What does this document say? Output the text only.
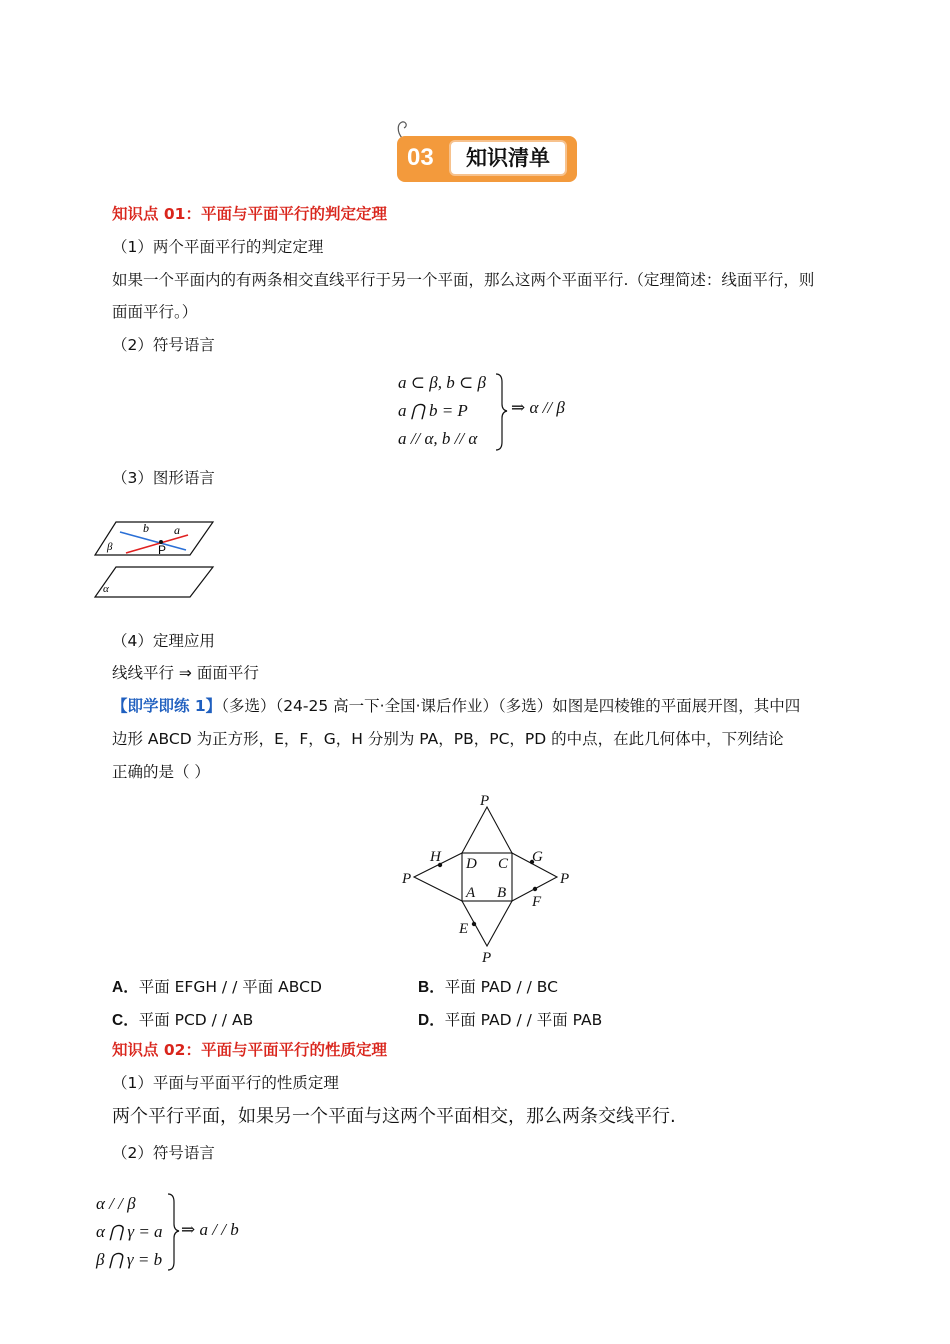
03	知识清单
知识点 01：平面与平面平行的判定定理
（1）两个平面平行的判定定理
如果一个平面内的有两条相交直线平行于另一个平面，那么这两个平面平行.（定理简述：线面平行，则
面面平行。）
（2）符号语言
a ⊂ β, b ⊂ β
a ⋂ b = P
a // α, b // α
⇒ α // β
（3）图形语言
b a
β	P
α
（4）定理应用
线线平行 ⇒ 面面平行
【即学即练 1】（多选）（24-25 高一下·全国·课后作业）（多选）如图是四棱锥的平面展开图，其中四
边形 ABCD 为正方形，E，F，G，H 分别为 PA，PB，PC，PD 的中点，在此几何体中，下列结论
正确的是（ ）
P
P	P
P
H	G
F
E
D C
A B
A．平面 EFGH / / 平面 ABCD	B．平面 PAD / / BC
C．平面 PCD / / AB	D．平面 PAD / / 平面 PAB
知识点 02：平面与平面平行的性质定理
（1）平面与平面平行的性质定理
两个平行平面，如果另一个平面与这两个平面相交，那么两条交线平行.
（2）符号语言
α / / β
α ⋂ γ = a
β ⋂ γ = b
⇒ a / / b
